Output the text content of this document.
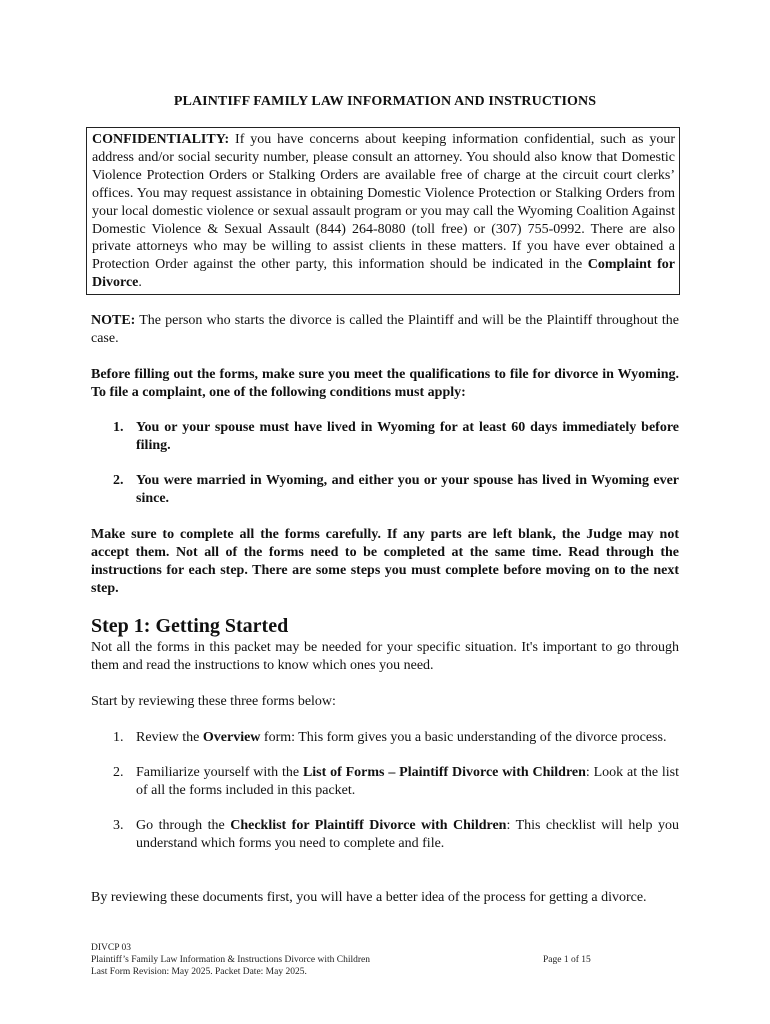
PLAINTIFF FAMILY LAW INFORMATION AND INSTRUCTIONS
CONFIDENTIALITY: If you have concerns about keeping information confidential, such as your address and/or social security number, please consult an attorney. You should also know that Domestic Violence Protection Orders or Stalking Orders are available free of charge at the circuit court clerks’ offices. You may request assistance in obtaining Domestic Violence Protection or Stalking Orders from your local domestic violence or sexual assault program or you may call the Wyoming Coalition Against Domestic Violence & Sexual Assault (844) 264-8080 (toll free) or (307) 755-0992. There are also private attorneys who may be willing to assist clients in these matters. If you have ever obtained a Protection Order against the other party, this information should be indicated in the Complaint for Divorce.
NOTE: The person who starts the divorce is called the Plaintiff and will be the Plaintiff throughout the case.
Before filling out the forms, make sure you meet the qualifications to file for divorce in Wyoming. To file a complaint, one of the following conditions must apply:
1. You or your spouse must have lived in Wyoming for at least 60 days immediately before filing.
2. You were married in Wyoming, and either you or your spouse has lived in Wyoming ever since.
Make sure to complete all the forms carefully. If any parts are left blank, the Judge may not accept them. Not all of the forms need to be completed at the same time. Read through the instructions for each step. There are some steps you must complete before moving on to the next step.
Step 1: Getting Started
Not all the forms in this packet may be needed for your specific situation. It's important to go through them and read the instructions to know which ones you need.
Start by reviewing these three forms below:
1. Review the Overview form: This form gives you a basic understanding of the divorce process.
2. Familiarize yourself with the List of Forms – Plaintiff Divorce with Children: Look at the list of all the forms included in this packet.
3. Go through the Checklist for Plaintiff Divorce with Children: This checklist will help you understand which forms you need to complete and file.
By reviewing these documents first, you will have a better idea of the process for getting a divorce.
DIVCP 03
Plaintiff’s Family Law Information & Instructions Divorce with Children	Page 1 of 15
Last Form Revision: May 2025. Packet Date: May 2025.
